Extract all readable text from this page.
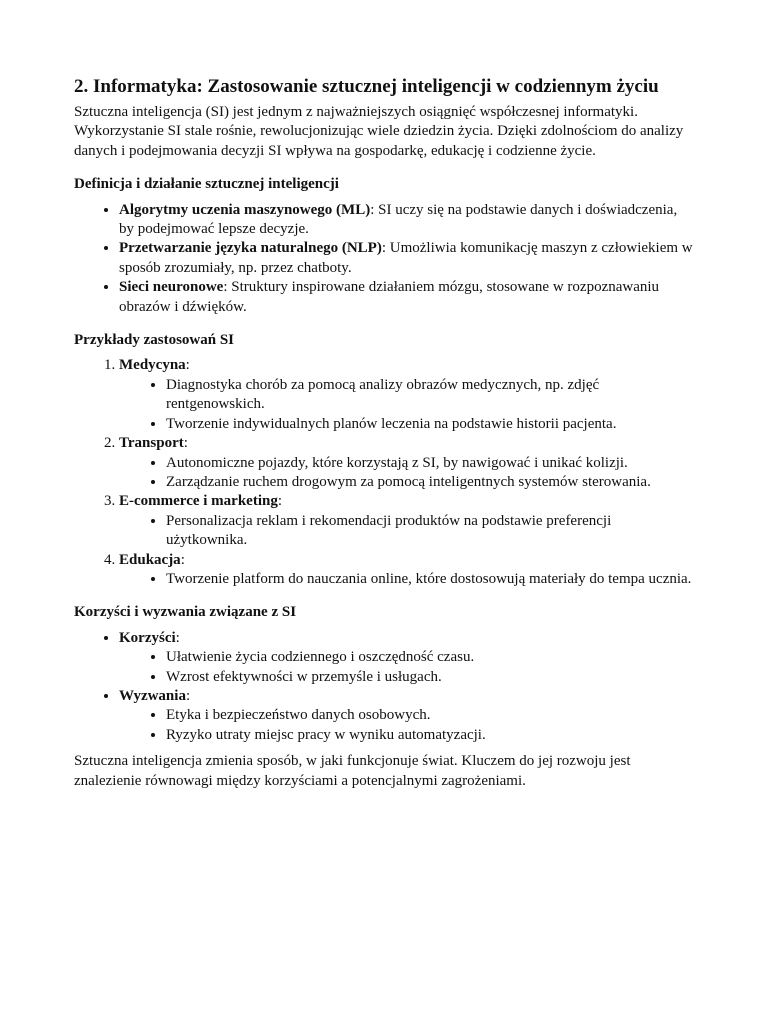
2. Informatyka: Zastosowanie sztucznej inteligencji w codziennym życiu

Sztuczna inteligencja (SI) jest jednym z najważniejszych osiągnięć współczesnej informatyki. Wykorzystanie SI stale rośnie, rewolucjonizując wiele dziedzin życia. Dzięki zdolnościom do analizy danych i podejmowania decyzji SI wpływa na gospodarkę, edukację i codzienne życie.

Definicja i działanie sztucznej inteligencji
• Algorytmy uczenia maszynowego (ML): SI uczy się na podstawie danych i doświadczenia, by podejmować lepsze decyzje.
• Przetwarzanie języka naturalnego (NLP): Umożliwia komunikację maszyn z człowiekiem w sposób zrozumiały, np. przez chatboty.
• Sieci neuronowe: Struktury inspirowane działaniem mózgu, stosowane w rozpoznawaniu obrazów i dźwięków.
Przykłady zastosowań SI
1. Medycyna:
• Diagnostyka chorób za pomocą analizy obrazów medycznych, np. zdjęć rentgenowskich.
• Tworzenie indywidualnych planów leczenia na podstawie historii pacjenta.
2. Transport:
• Autonomiczne pojazdy, które korzystają z SI, by nawigować i unikać kolizji.
• Zarządzanie ruchem drogowym za pomocą inteligentnych systemów sterowania.
3. E-commerce i marketing:
• Personalizacja reklam i rekomendacji produktów na podstawie preferencji użytkownika.
4. Edukacja:
• Tworzenie platform do nauczania online, które dostosowują materiały do tempa ucznia.
Korzyści i wyzwania związane z SI
• Korzyści:
• Ułatwienie życia codziennego i oszczędność czasu.
• Wzrost efektywności w przemyśle i usługach.
• Wyzwania:
• Etyka i bezpieczeństwo danych osobowych.
• Ryzyko utraty miejsc pracy w wyniku automatyzacji.

Sztuczna inteligencja zmienia sposób, w jaki funkcjonuje świat. Kluczem do jej rozwoju jest znalezienie równowagi między korzyściami a potencjalnymi zagrożeniami.
